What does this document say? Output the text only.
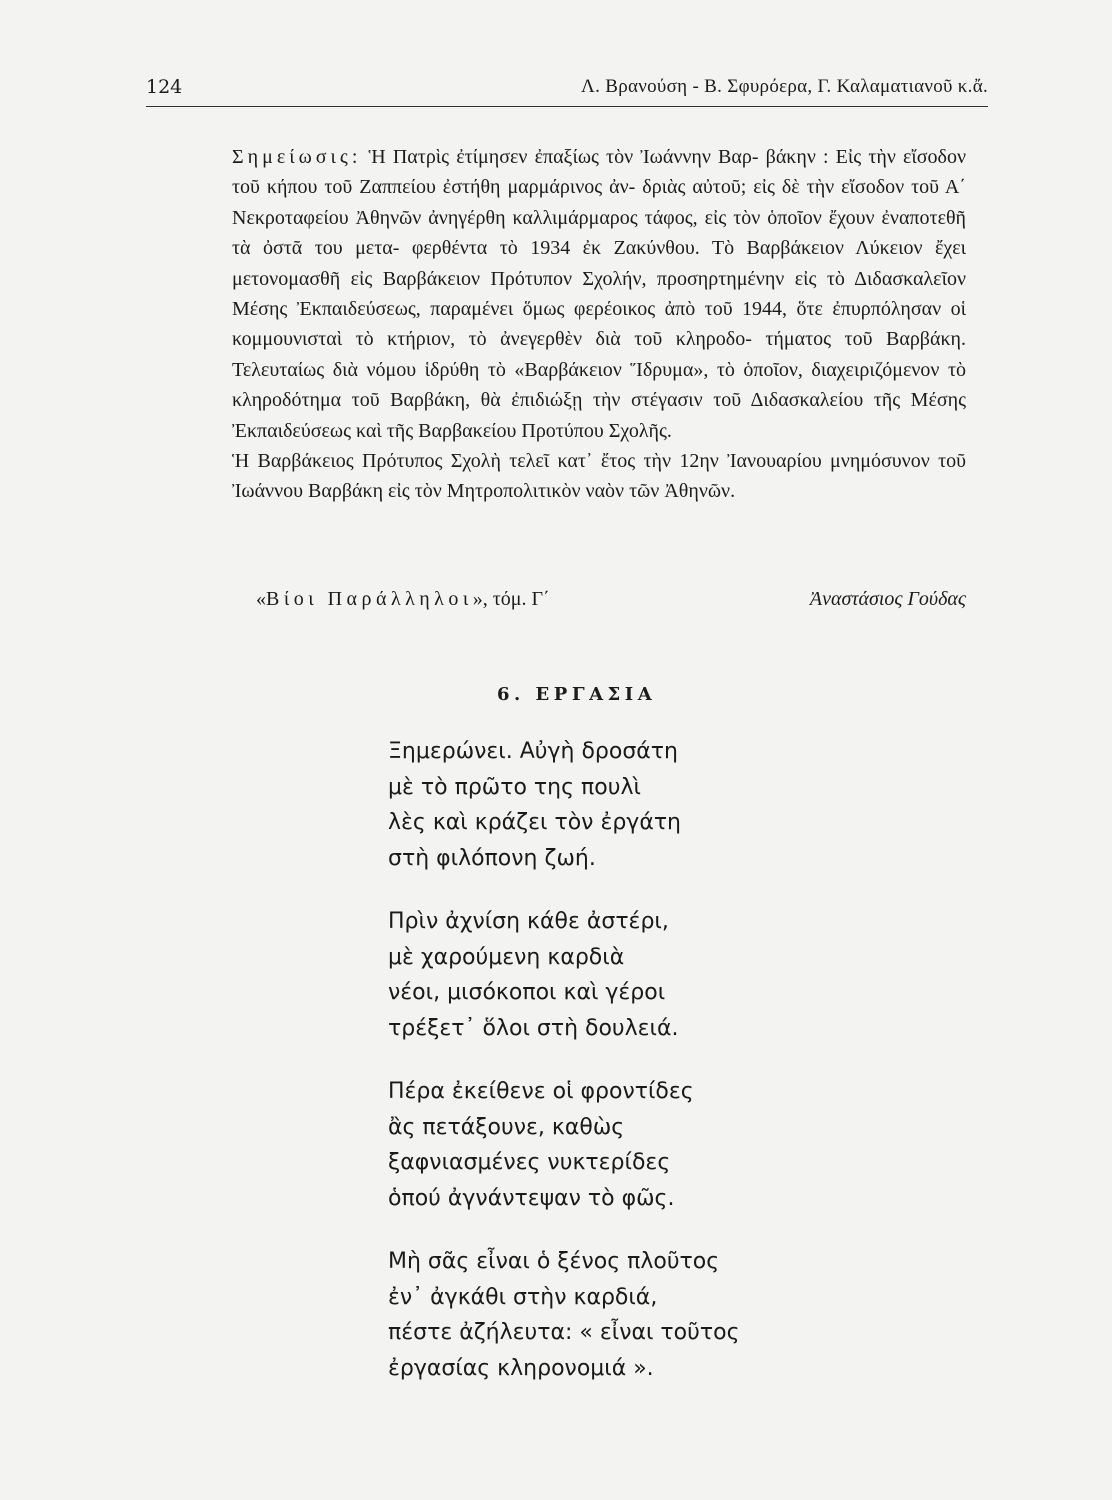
124	Λ. Βρανούση - Β. Σφυρόερα, Γ. Καλαματιανοῦ κ.ἄ.

Σημείωσις: Ἡ Πατρὶς ἐτίμησεν ἐπαξίως τὸν Ἰωάννην Βαρ- βάκην : Εἰς τὴν εἴσοδον τοῦ κήπου τοῦ Ζαππείου ἐστήθη μαρμάρινος ἀν- δριὰς αὐτοῦ; εἰς δὲ τὴν εἴσοδον τοῦ Α΄ Νεκροταφείου Ἀθηνῶν ἀνηγέρθη καλλιμάρμαρος τάφος, εἰς τὸν ὁποῖον ἔχουν ἐναποτεθῆ τὰ ὀστᾶ του μετα- φερθέντα τὸ 1934 ἐκ Ζακύνθου. Τὸ Βαρβάκειον Λύκειον ἔχει μετονομασθῆ εἰς Βαρβάκειον Πρότυπον Σχολήν, προσηρτημένην εἰς τὸ Διδασκαλεῖον Μέσης Ἐκπαιδεύσεως, παραμένει ὅμως φερέοικος ἀπὸ τοῦ 1944, ὅτε ἐπυρπόλησαν οἱ κομμουνισταὶ τὸ κτήριον, τὸ ἀνεγερθὲν διὰ τοῦ κληροδο- τήματος τοῦ Βαρβάκη. Τελευταίως διὰ νόμου ἱδρύθη τὸ «Βαρβάκειον Ἵδρυμα», τὸ ὁποῖον, διαχειριζόμενον τὸ κληροδότημα τοῦ Βαρβάκη, θὰ ἐπιδιώξῃ τὴν στέγασιν τοῦ Διδασκαλείου τῆς Μέσης Ἐκπαιδεύσεως καὶ τῆς Βαρβακείου Προτύπου Σχολῆς.

Ἡ Βαρβάκειος Πρότυπος Σχολὴ τελεῖ κατ᾿ ἔτος τὴν 12ην Ἰανουαρίου μνημόσυνον τοῦ Ἰωάννου Βαρβάκη εἰς τὸν Μητροπολιτικὸν ναὸν τῶν Ἀθηνῶν.

«Βίοι Παράλληλοι», τόμ. Γ΄	Ἀναστάσιος Γούδας
6. ΕΡΓΑΣΙΑ
Ξημερώνει. Αὐγὴ δροσάτη
μὲ τὸ πρῶτο της πουλὶ
λὲς καὶ κράζει τὸν ἐργάτη
στὴ φιλόπονη ζωή.
Πρὶν ἀχνίση κάθε ἀστέρι,
μὲ χαρούμενη καρδιὰ
νέοι, μισόκοποι καὶ γέροι
τρέξετ᾿ ὅλοι στὴ δουλειά.
Πέρα ἐκείθενε οἱ φροντίδες
ἂς πετάξουνε, καθὼς
ξαφνιασμένες νυκτερίδες
ὁπού ἀγνάντεψαν τὸ φῶς.
Μὴ σᾶς εἶναι ὁ ξένος πλοῦτος
ἐν᾿ ἀγκάθι στὴν καρδιά,
πέστε ἀζήλευτα: « εἶναι τοῦτος
ἐργασίας κληρονομιά ».
